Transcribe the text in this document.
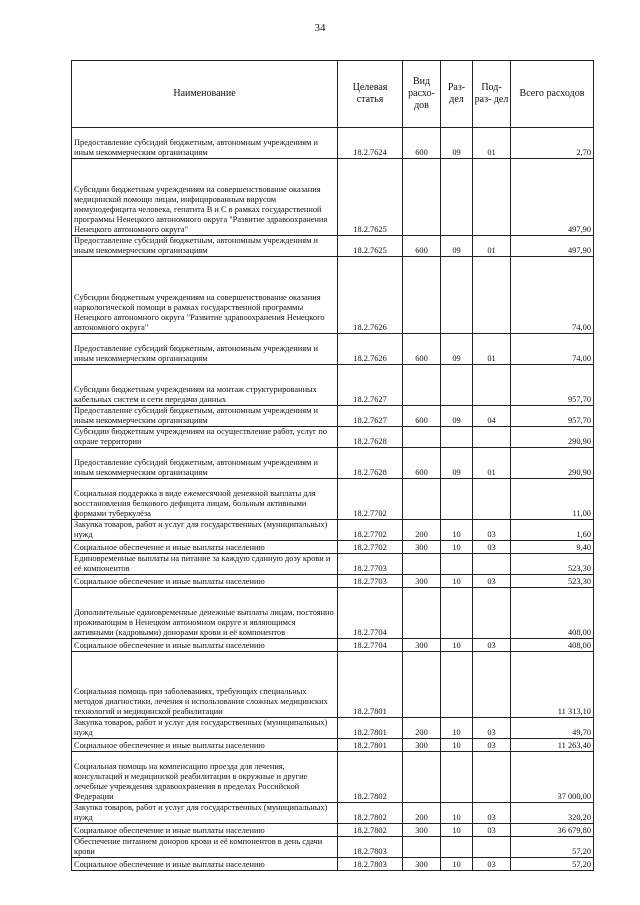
34
Наименование	Целевая статья	Вид расхо- дов	Раз- дел	Под- раз- дел	Всего расходов
Предоставление субсидий бюджетным, автономным учреждениям и иным некоммерческим организациям	18.2.7624	600	09	01	2,70
Субсидии бюджетным учреждениям на совершенствование оказания медицинской помощи лицам, инфицированным вирусом иммунодефицита человека, гепатита В и С в рамках государственной программы Ненецкого автономного округа "Развитие здравоохранения Ненецкого автономного округа"	18.2.7625				497,90
Предоставление субсидий бюджетным, автономным учреждениям и иным некоммерческим организациям	18.2.7625	600	09	01	497,90
Субсидии бюджетным учреждениям на совершенствование оказания наркологической помощи в рамках государственной программы Ненецкого автономного округа "Развитие здравоохранения Ненецкого автономного округа"	18.2.7626				74,00
Предоставление субсидий бюджетным, автономным учреждениям и иным некоммерческим организациям	18.2.7626	600	09	01	74,00
Субсидии бюджетным учреждениям на монтаж структурированных кабельных систем и сети передачи данных	18.2.7627				957,70
Предоставление субсидий бюджетным, автономным учреждениям и иным некоммерческим организациям	18.2.7627	600	09	04	957,70
Субсидии бюджетным учреждениям на осуществление работ, услуг по охране территории	18.2.7628				290,90
Предоставление субсидий бюджетным, автономным учреждениям и иным некоммерческим организациям	18.2.7628	600	09	01	290,90
Социальная поддержка в виде ежемесячной денежной выплаты для восстановления белкового дефицита лицам, больным активными формами туберкулёза	18.2.7702				11,00
Закупка товаров, работ и услуг для государственных (муниципальных) нужд	18.2.7702	200	10	03	1,60
Социальное обеспечение и иные выплаты населению	18.2.7702	300	10	03	9,40
Единовременные выплаты на питание за каждую сданную дозу крови и её компонентов	18.2.7703				523,30
Социальное обеспечение и иные выплаты населению	18.2.7703	300	10	03	523,30
Дополнительные единовременные денежные выплаты лицам, постоянно проживающим в Ненецком автономном округе и являющимся активными (кадровыми) донорами крови и её компонентов	18.2.7704				408,00
Социальное обеспечение и иные выплаты населению	18.2.7704	300	10	03	408,00
Социальная помощь при заболеваниях, требующих специальных методов диагностики, лечения и использования сложных медицинских технологий и медицинской реабилитации	18.2.7801				11 313,10
Закупка товаров, работ и услуг для государственных (муниципальных) нужд	18.2.7801	200	10	03	49,70
Социальное обеспечение и иные выплаты населению	18.2.7801	300	10	03	11 263,40
Социальная помощь на компенсацию проезда для лечения, консультаций и медицинской реабилитации в окружные и другие лечебные учреждения здравоохранения в пределах Российской Федерации	18.2.7802				37 000,00
Закупка товаров, работ и услуг для государственных (муниципальных) нужд	18.2.7802	200	10	03	320,20
Социальное обеспечение и иные выплаты населению	18.2.7802	300	10	03	36 679,80
Обеспечение питанием доноров крови и её компонентов в день сдачи крови	18.2.7803				57,20
Социальное обеспечение и иные выплаты населению	18.2.7803	300	10	03	57,20
